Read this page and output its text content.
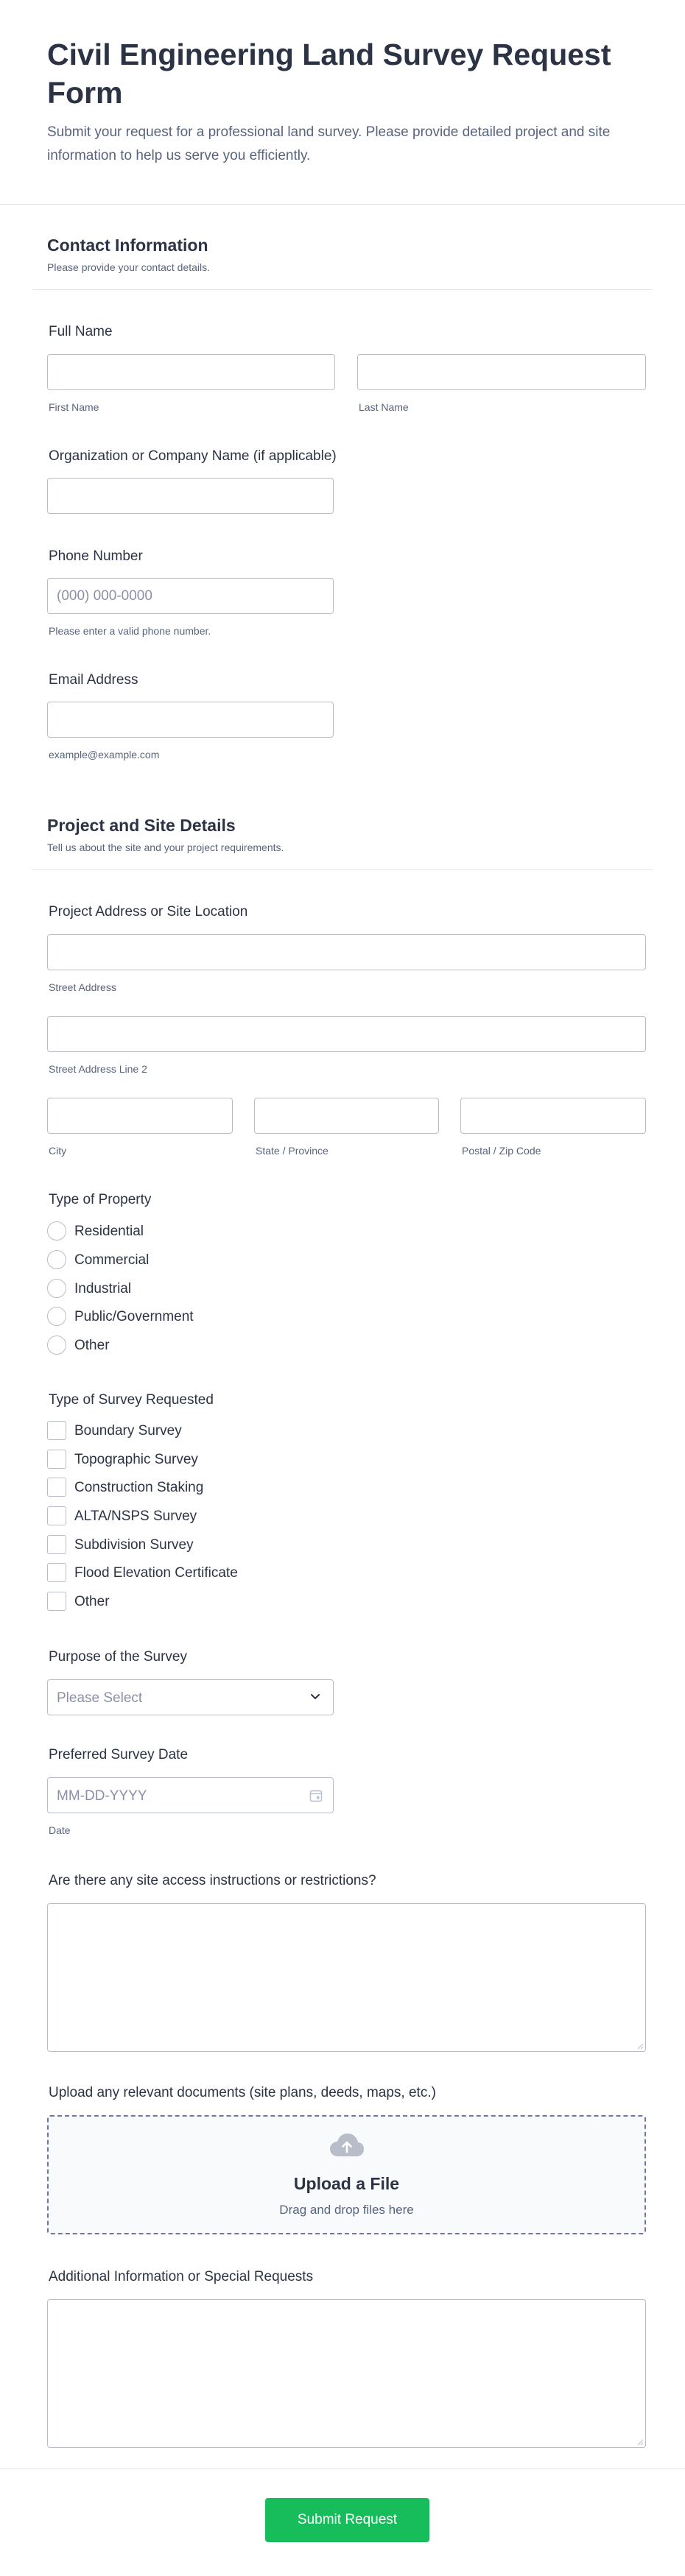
Civil Engineering Land Survey Request Form
Submit your request for a professional land survey. Please provide detailed project and site information to help us serve you efficiently.
Contact Information
Please provide your contact details.
Full Name
First Name	Last Name
Organization or Company Name (if applicable)
Phone Number
(000) 000-0000
Please enter a valid phone number.
Email Address
example@example.com
Project and Site Details
Tell us about the site and your project requirements.
Project Address or Site Location
Street Address
Street Address Line 2
City	State / Province	Postal / Zip Code
Type of Property
Residential
Commercial
Industrial
Public/Government
Other
Type of Survey Requested
Boundary Survey
Topographic Survey
Construction Staking
ALTA/NSPS Survey
Subdivision Survey
Flood Elevation Certificate
Other
Purpose of the Survey
Please Select
Preferred Survey Date
MM-DD-YYYY
Date
Are there any site access instructions or restrictions?
Upload any relevant documents (site plans, deeds, maps, etc.)
Upload a File
Drag and drop files here
Additional Information or Special Requests
Submit Request
